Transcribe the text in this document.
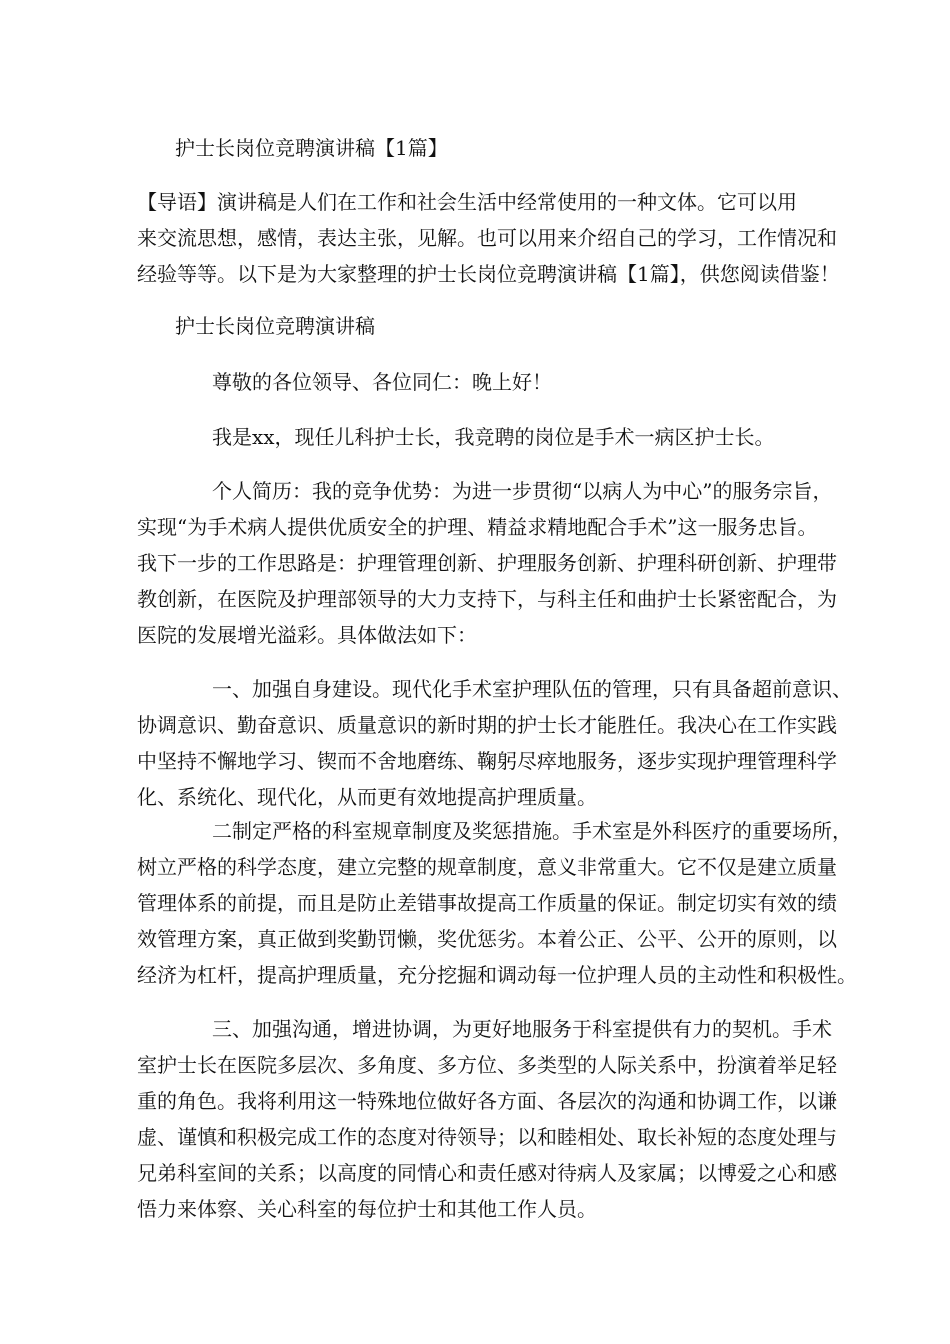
护士长岗位竞聘演讲稿【1篇】
【导语】演讲稿是人们在工作和社会生活中经常使用的一种文体。它可以用
来交流思想，感情，表达主张，见解。也可以用来介绍自己的学习，工作情况和
经验等等。以下是为大家整理的护士长岗位竞聘演讲稿【1篇】，供您阅读借鉴！
护士长岗位竞聘演讲稿
尊敬的各位领导、各位同仁：晚上好！
我是xx，现任儿科护士长，我竞聘的岗位是手术一病区护士长。
个人简历：我的竞争优势：为进一步贯彻“以病人为中心”的服务宗旨，
实现“为手术病人提供优质安全的护理、精益求精地配合手术”这一服务忠旨。
我下一步的工作思路是：护理管理创新、护理服务创新、护理科研创新、护理带
教创新，在医院及护理部领导的大力支持下，与科主任和曲护士长紧密配合，为
医院的发展增光溢彩。具体做法如下：
一、加强自身建设。现代化手术室护理队伍的管理，只有具备超前意识、
协调意识、勤奋意识、质量意识的新时期的护士长才能胜任。我决心在工作实践
中坚持不懈地学习、锲而不舍地磨练、鞠躬尽瘁地服务，逐步实现护理管理科学
化、系统化、现代化，从而更有效地提高护理质量。
二制定严格的科室规章制度及奖惩措施。手术室是外科医疗的重要场所，
树立严格的科学态度，建立完整的规章制度，意义非常重大。它不仅是建立质量
管理体系的前提，而且是防止差错事故提高工作质量的保证。制定切实有效的绩
效管理方案，真正做到奖勤罚懒，奖优惩劣。本着公正、公平、公开的原则，以
经济为杠杆，提高护理质量，充分挖掘和调动每一位护理人员的主动性和积极性。
三、加强沟通，增进协调，为更好地服务于科室提供有力的契机。手术
室护士长在医院多层次、多角度、多方位、多类型的人际关系中，扮演着举足轻
重的角色。我将利用这一特殊地位做好各方面、各层次的沟通和协调工作，以谦
虚、谨慎和积极完成工作的态度对待领导；以和睦相处、取长补短的态度处理与
兄弟科室间的关系；以高度的同情心和责任感对待病人及家属；以博爱之心和感
悟力来体察、关心科室的每位护士和其他工作人员。
